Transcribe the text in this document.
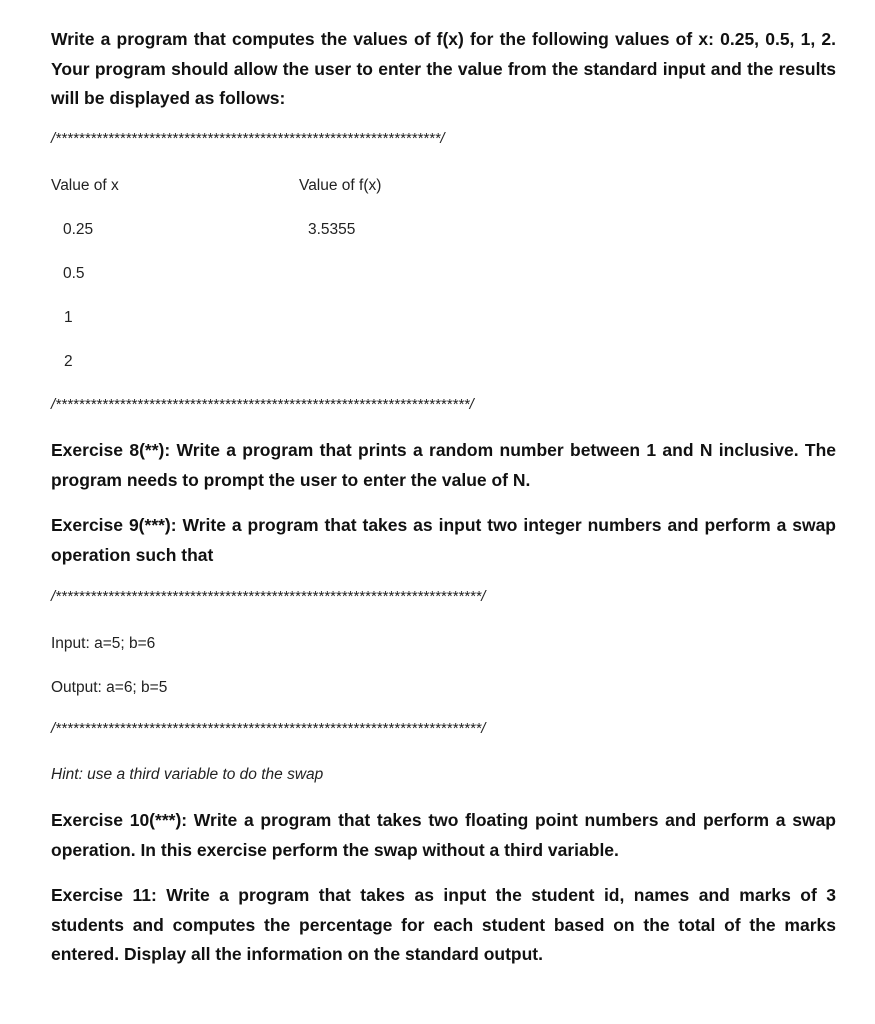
Write a program that computes the values of f(x) for the following values of x: 0.25, 0.5, 1, 2. Your program should allow the user to enter the value from the standard input and the results will be displayed as follows:

/******************************************************************/

Value of x	Value of f(x)

0.25	3.5355

0.5

1

2

/***********************************************************************/

Exercise 8(**): Write a program that prints a random number between 1 and N inclusive. The program needs to prompt the user to enter the value of N.

Exercise 9(***): Write a program that takes as input two integer numbers and perform a swap operation such that

/*************************************************************************/

Input: a=5; b=6

Output: a=6; b=5

/*************************************************************************/

Hint: use a third variable to do the swap

Exercise 10(***): Write a program that takes two floating point numbers and perform a swap operation. In this exercise perform the swap without a third variable.

Exercise 11: Write a program that takes as input the student id, names and marks of 3 students and computes the percentage for each student based on the total of the marks entered. Display all the information on the standard output.
